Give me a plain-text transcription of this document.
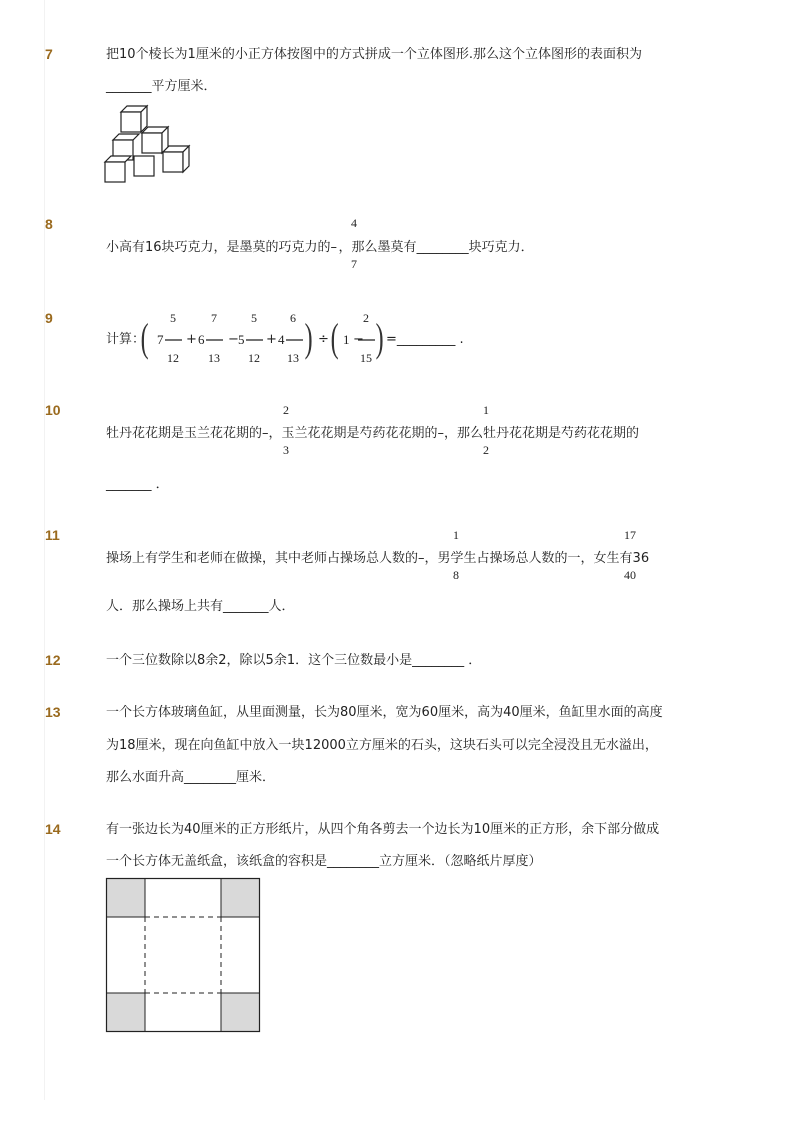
7	把10个棱长为1厘米的小正方体按图中的方式拼成一个立体图形.那么这个立体图形的表面积为
_______平方厘米．
8	4
7
小高有16块巧克力，是墨莫的巧克力的– ，那么墨莫有________块巧克力．
9
计算：
( 7
5
12
+ 6
7
13
− 5
5
12
+ 4
6
13 ) ÷ ( 1 −
2
15 ) =_________ .
10	2
3
1
2
牡丹花花期是玉兰花花期的–，玉兰花花期是芍药花花期的–，那么牡丹花花期是芍药花花期的
_______ ．
11	1
8
17
40
操场上有学生和老师在做操，其中老师占操场总人数的–，男学生占操场总人数的一，女生有36
人．那么操场上共有_______人．
12	一个三位数除以8余2，除以5余1．这个三位数最小是________ ．
13	一个长方体玻璃鱼缸，从里面测量，长为80厘米，宽为60厘米，高为40厘米，鱼缸里水面的高度
为18厘米，现在向鱼缸中放入一块12000立方厘米的石头，这块石头可以完全浸没且无水溢出，
那么水面升高________厘米．
14	有一张边长为40厘米的正方形纸片，从四个角各剪去一个边长为10厘米的正方形，余下部分做成
一个长方体无盖纸盒，该纸盒的容积是________立方厘米．（忽略纸片厚度）
